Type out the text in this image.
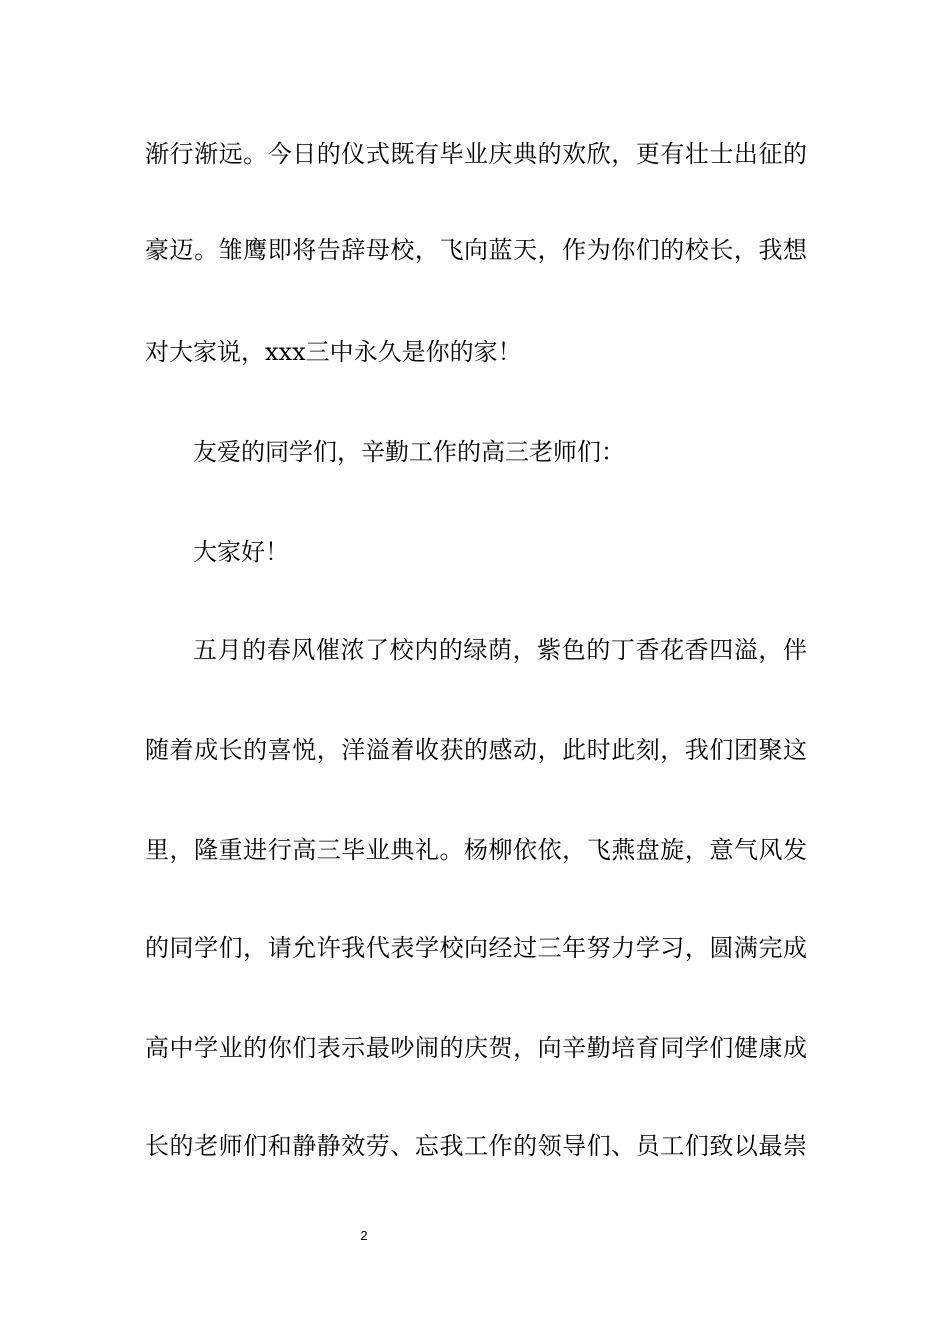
渐行渐远。今日的仪式既有毕业庆典的欢欣，更有壮士出征的
豪迈。雏鹰即将告辞母校，飞向蓝天，作为你们的校长，我想
对大家说，xxx三中永久是你的家！
友爱的同学们，辛勤工作的高三老师们：
大家好！
五月的春风催浓了校内的绿荫，紫色的丁香花香四溢，伴
随着成长的喜悦，洋溢着收获的感动，此时此刻，我们团聚这
里，隆重进行高三毕业典礼。杨柳依依，飞燕盘旋，意气风发
的同学们，请允许我代表学校向经过三年努力学习，圆满完成
高中学业的你们表示最吵闹的庆贺，向辛勤培育同学们健康成
长的老师们和静静效劳、忘我工作的领导们、员工们致以最崇
2
